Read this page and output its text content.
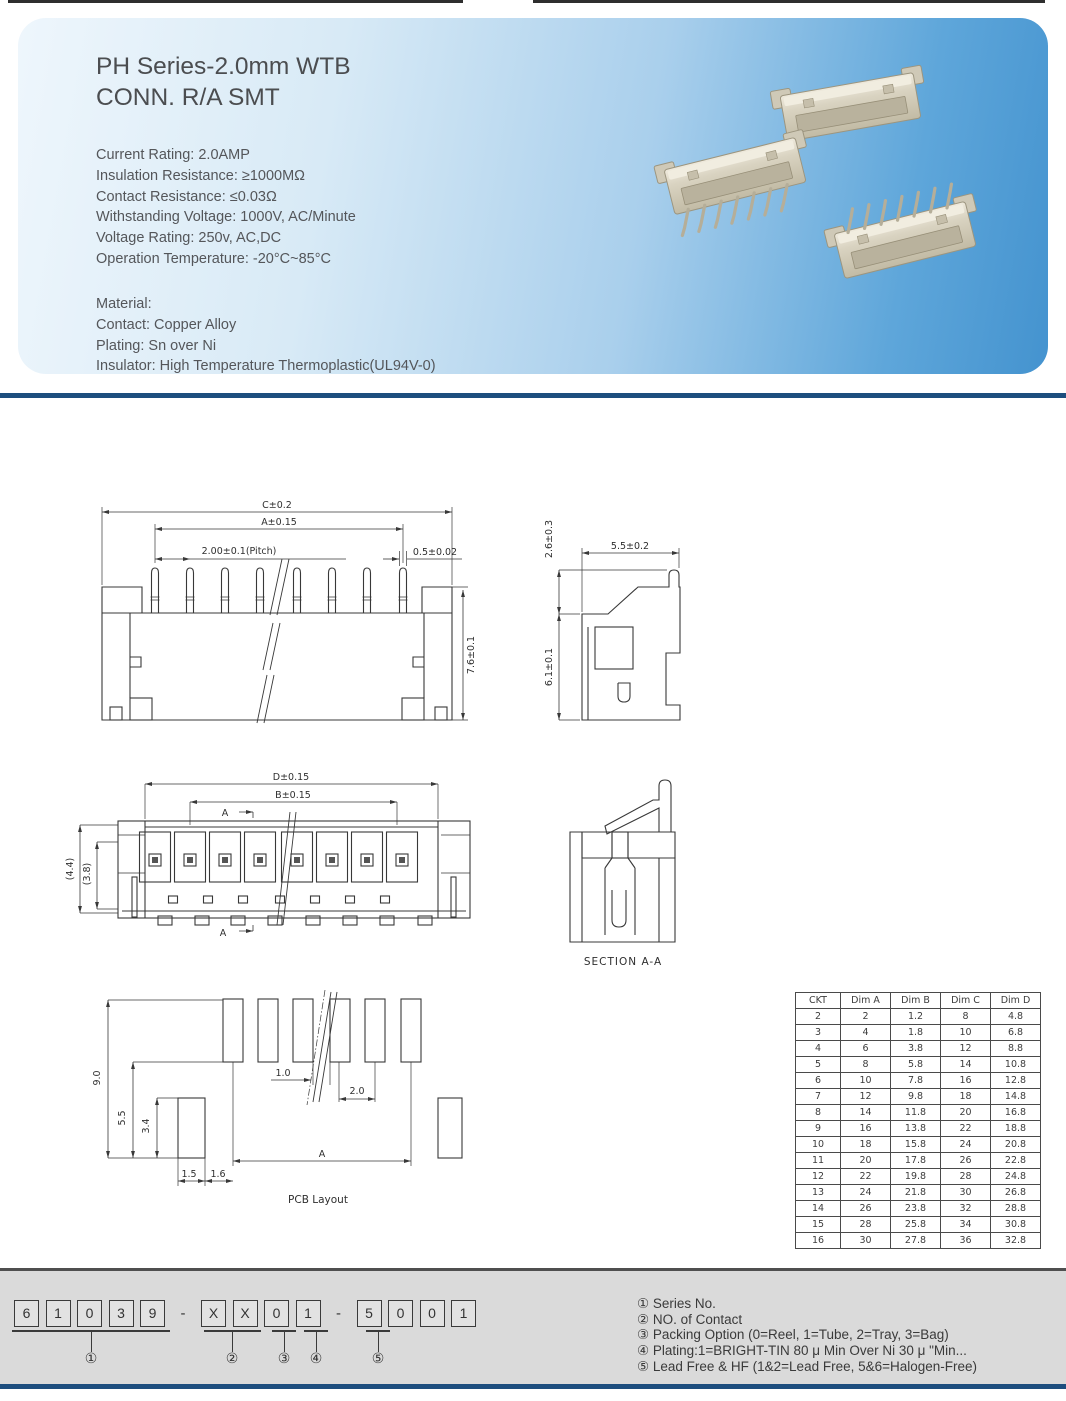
PH Series-2.0mm WTB
CONN. R/A SMT
Current Rating: 2.0AMP
Insulation Resistance: ≥1000MΩ
Contact Resistance: ≤0.03Ω
Withstanding Voltage: 1000V, AC/Minute
Voltage Rating: 250v, AC,DC
Operation Temperature: -20°C~85°C
Material:
Contact: Copper Alloy
Plating: Sn over Ni
Insulator: High Temperature Thermoplastic(UL94V-0)
C±0.2
A±0.15
2.00±0.1(Pitch)	0.5±0.02
7.6±0.1
5.5±0.2
2.6±0.3
6.1±0.1
D±0.15
B±0.15
A
(4.4) (3.8)
A
SECTION A-A
9.0
5.5
3.4
1.0
2.0
A
1.5 1.6
PCB Layout
CKT	Dim A	Dim B	Dim C	Dim D
2	2	1.2	8	4.8
3	4	1.8	10	6.8
4	6	3.8	12	8.8
5	8	5.8	14	10.8
6	10	7.8	16	12.8
7	12	9.8	18	14.8
8	14	11.8	20	16.8
9	16	13.8	22	18.8
10	18	15.8	24	20.8
11	20	17.8	26	22.8
12	22	19.8	28	24.8
13	24	21.8	30	26.8
14	26	23.8	32	28.8
15	28	25.8	34	30.8
16	30	27.8	36	32.8
6	1	0	3	9	-	X	X	0	1	-	5	0	0	1
① Series No.
② NO. of Contact
③ Packing Option (0=Reel, 1=Tube, 2=Tray, 3=Bag)
④ Plating:1=BRIGHT-TIN 80 μ Min Over Ni 30 μ "Min...
⑤ Lead Free & HF (1&2=Lead Free, 5&6=Halogen-Free)
①	②	③ ④	⑤
